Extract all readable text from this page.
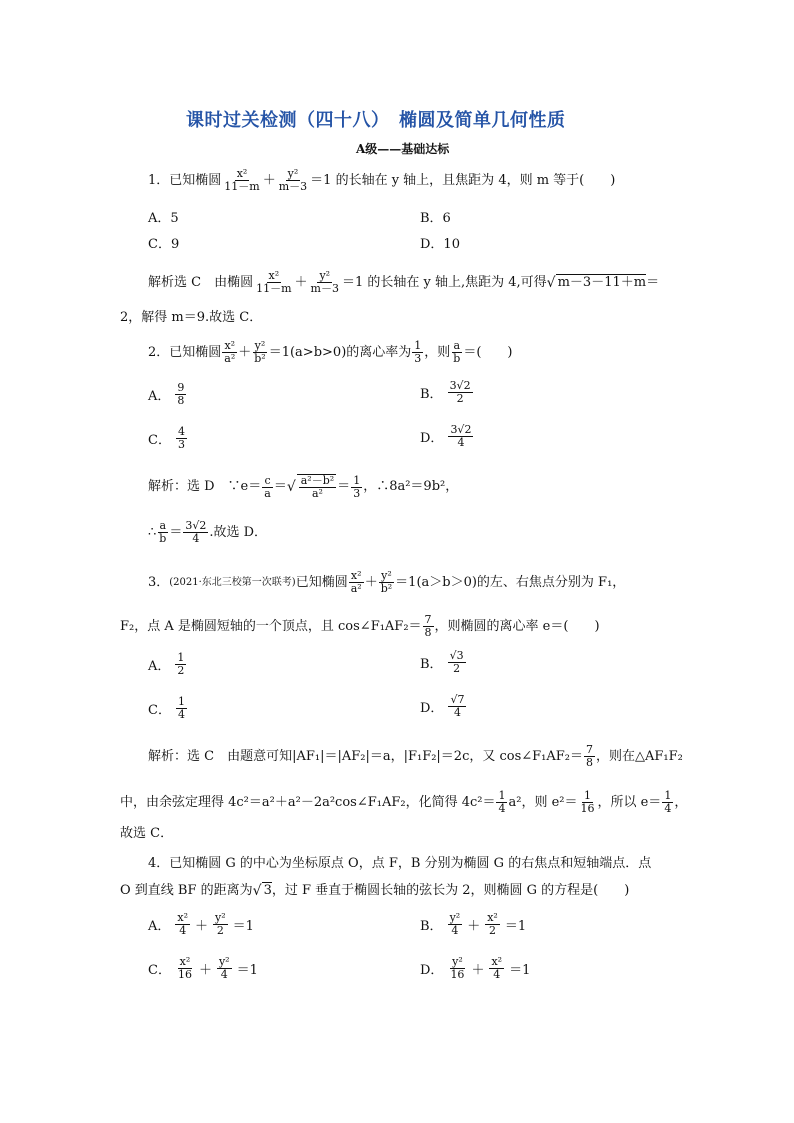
课时过关检测（四十八）　椭圆及简单几何性质
A级——基础达标
1．已知椭圆 $\frac{\text{x²}}{11-m} + \frac{\text{y²}}{m-3} =1$ 的长轴在 y 轴上，且焦距为 4，则 m 等于(　　)
A．5	B．6
C．9	D．10
解析选 C　由椭圆 $\frac{\text{x²}}{11-m} + \frac{\text{y²}}{m-3} =1$ 的长轴在 y 轴上,焦距为 4,可得 √ m－3－11＋m ＝
2，解得 m＝9.故选 C．
2．已知椭圆 $\frac{\text{x²}}{\text{a²}} + \frac{\text{y²}}{\text{b²}} =1(a>b>0)$的离心率为 $\frac{1}{3}$ ，则 $\frac{a}{b}$ ＝(　　)
A． $\frac{9}{8}$	B． $\frac{3√2}{2}$
C． $\frac{4}{3}$	D． $\frac{3√2}{4}$
解析：选 D　∵e＝ $\frac{c}{a}$ ＝ √ $\frac{\text{a²－b²}}{\text{a²}} = \frac{1}{3}$ ，∴8a²＝9b²，
∴ $\frac{a}{b} = \frac{3√2}{4}$ .故选 D．
3． (2021·东北三校第一次联考) 已知椭圆 $\frac{\text{x²}}{\text{a²}} + \frac{\text{y²}}{\text{b²}} =1(a>b>0)$的左、右焦点分别为 F₁，
F₂，点 A 是椭圆短轴的一个顶点，且 cos∠F₁AF₂＝ $\frac{7}{8}$ ，则椭圆的离心率 e＝(　　)
A． $\frac{1}{2}$	B． $\frac{√3}{2}$
C． $\frac{1}{4}$	D． $\frac{√7}{4}$
解析：选 C　由题意可知|AF₁|＝|AF₂|＝a，|F₁F₂|＝2c，又 cos∠F₁AF₂＝ $\frac{7}{8}$ ，则在△AF₁F₂
中，由余弦定理得 4c²＝a²＋a²－2a²cos∠F₁AF₂，化简得 $4c^2= \frac{1}{4} a^2$，则 $e^2= \frac{1}{16}$ ，所以 $e= \frac{1}{4}$ ，
故选 C．
4．已知椭圆 G 的中心为坐标原点 O，点 F，B 分别为椭圆 G 的右焦点和短轴端点．点
O 到直线 BF 的距离为 √ 3 ，过 F 垂直于椭圆长轴的弦长为 2，则椭圆 G 的方程是(　　)
A． $\frac{\text{x²}}{4} + \frac{\text{y²}}{2} =1$	B． $\frac{\text{y²}}{4} + \frac{\text{x²}}{2} =1$
C． $\frac{\text{x²}}{16} + \frac{\text{y²}}{4} =1$	D． $\frac{\text{y²}}{16} + \frac{\text{x²}}{4} =1$
